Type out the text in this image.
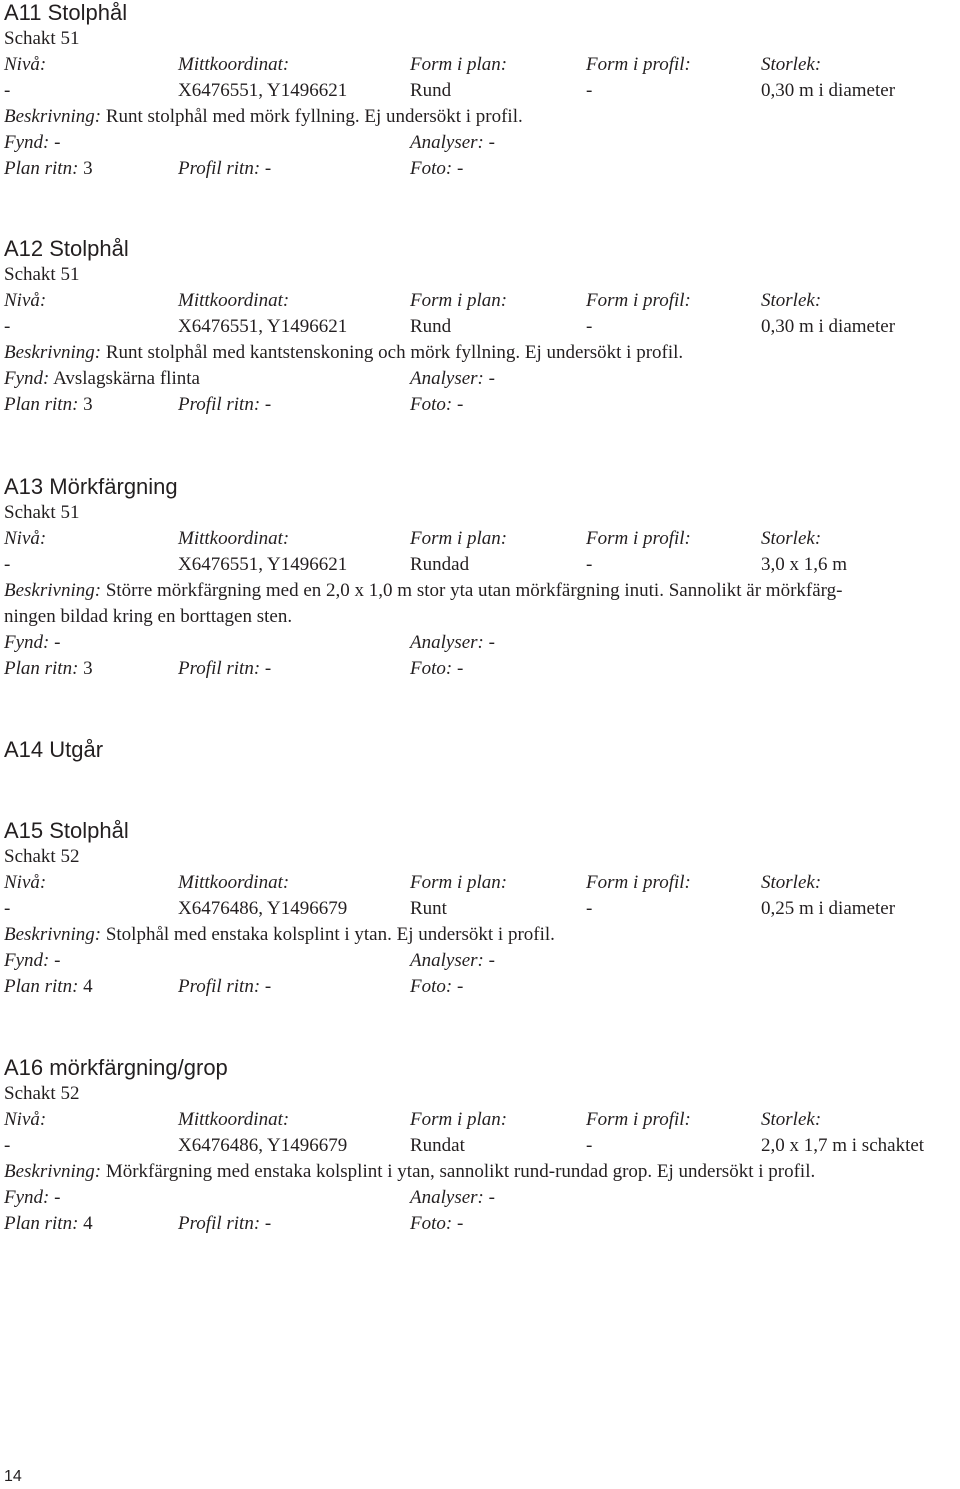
A11 Stolphål
Schakt 51
Nivå:	Mittkoordinat:	Form i plan:	Form i profil:	Storlek:
-	X6476551, Y1496621	Rund	-	0,30 m i diameter
Beskrivning: Runt stolphål med mörk fyllning. Ej undersökt i profil.
Fynd: -	Analyser: -
Plan ritn: 3	Profil ritn: -	Foto: -
A12 Stolphål
Schakt 51
Nivå:	Mittkoordinat:	Form i plan:	Form i profil:	Storlek:
-	X6476551, Y1496621	Rund	-	0,30 m i diameter
Beskrivning: Runt stolphål med kantstenskoning och mörk fyllning. Ej undersökt i profil.
Fynd: Avslagskärna flinta	Analyser: -
Plan ritn: 3	Profil ritn: -	Foto: -
A13 Mörkfärgning
Schakt 51
Nivå:	Mittkoordinat:	Form i plan:	Form i profil:	Storlek:
-	X6476551, Y1496621	Rundad	-	3,0 x 1,6 m
Beskrivning: Större mörkfärgning med en 2,0 x 1,0 m stor yta utan mörkfärgning inuti. Sannolikt är mörkfärg-
ningen bildad kring en borttagen sten.
Fynd: -	Analyser: -
Plan ritn: 3	Profil ritn: -	Foto: -
A14 Utgår
A15 Stolphål
Schakt 52
Nivå:	Mittkoordinat:	Form i plan:	Form i profil:	Storlek:
-	X6476486, Y1496679	Runt	-	0,25 m i diameter
Beskrivning: Stolphål med enstaka kolsplint i ytan. Ej undersökt i profil.
Fynd: -	Analyser: -
Plan ritn: 4	Profil ritn: -	Foto: -
A16 mörkfärgning/grop
Schakt 52
Nivå:	Mittkoordinat:	Form i plan:	Form i profil:	Storlek:
-	X6476486, Y1496679	Rundat	-	2,0 x 1,7 m i schaktet
Beskrivning: Mörkfärgning med enstaka kolsplint i ytan, sannolikt rund-rundad grop. Ej undersökt i profil.
Fynd: -	Analyser: -
Plan ritn: 4	Profil ritn: -	Foto: -
14
